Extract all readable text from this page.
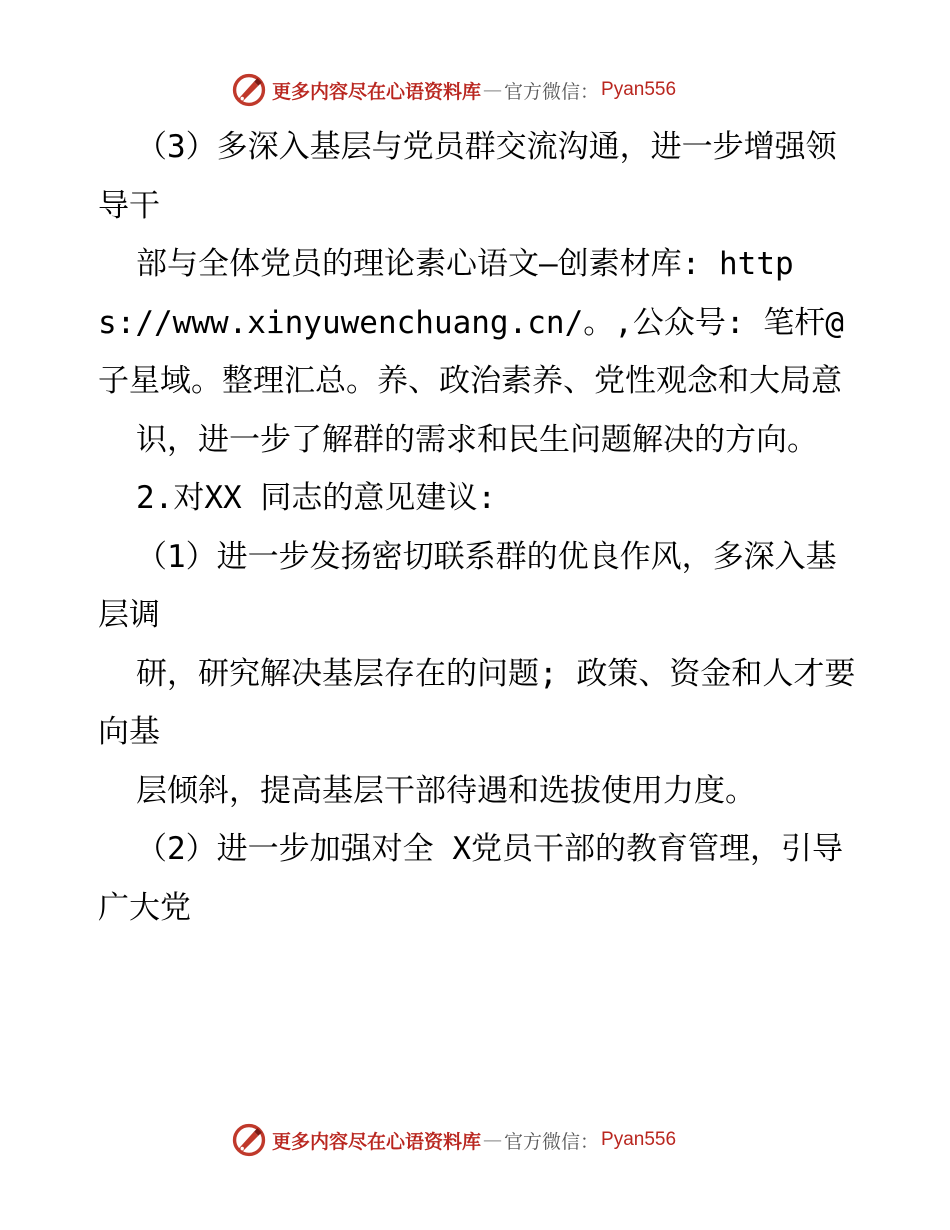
更多内容尽在心语资料库 — 官方微信： Pyan556

（3）多深入基层与党员群交流沟通，进一步增强领导干

部与全体党员的理论素心语文—创素材库: https://www.xinyuwenchuang.cn/。,公众号: 笔杆@子星域。整理汇总。养、政治素养、党性观念和大局意

识，进一步了解群的需求和民生问题解决的方向。

2.对XX 同志的意见建议:

（1）进一步发扬密切联系群的优良作风，多深入基层调

研，研究解决基层存在的问题; 政策、资金和人才要向基

层倾斜，提高基层干部待遇和选拔使用力度。

（2）进一步加强对全 X党员干部的教育管理，引导广大党

更多内容尽在心语资料库 — 官方微信： Pyan556
